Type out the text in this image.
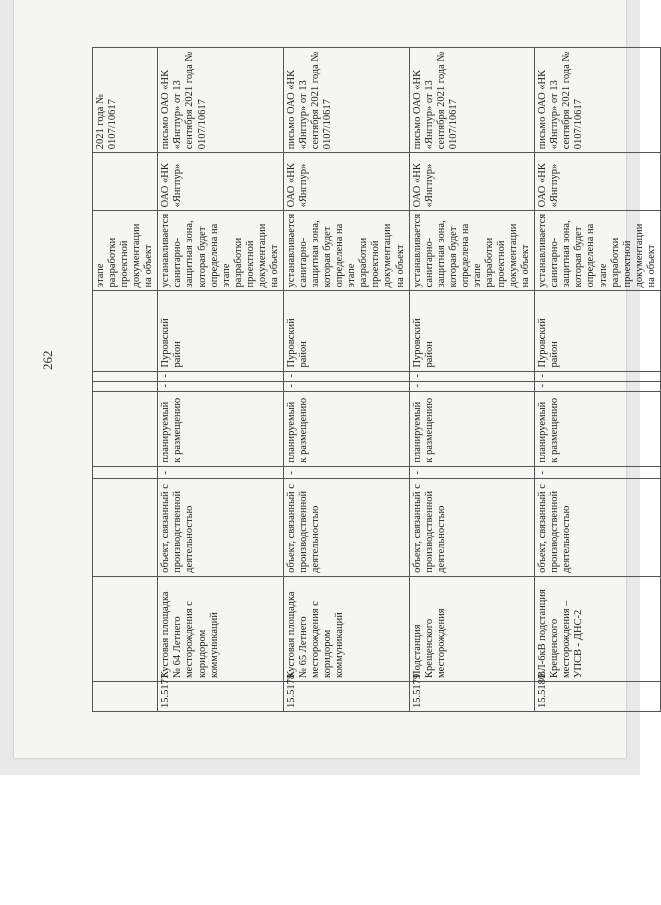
262
								этапе разработки проектной документации на объект		2021 года № 0107/10617
15.5177	Кустовая площадка № 64 Летнего месторождения с коридором коммуникаций	объект, связанный с производственной деятельностью	-	планируемый к размещению	-	-	Пуровский район	устанавливается санитарно-защитная зона, которая будет определена на этапе разработки проектной документации на объект	ОАО «НК «Янгпур»	письмо ОАО «НК «Янгпур» от 13 сентября 2021 года № 0107/10617
15.5178	Кустовая площадка № 65 Летнего месторождения с коридором коммуникаций	объект, связанный с производственной деятельностью	-	планируемый к размещению	-	-	Пуровский район	устанавливается санитарно-защитная зона, которая будет определена на этапе разработки проектной документации на объект	ОАО «НК «Янгпур»	письмо ОАО «НК «Янгпур» от 13 сентября 2021 года № 0107/10617
15.5179	Подстанция Крещенского месторождения	объект, связанный с производственной деятельностью	-	планируемый к размещению	-	-	Пуровский район	устанавливается санитарно-защитная зона, которая будет определена на этапе разработки проектной документации на объект	ОАО «НК «Янгпур»	письмо ОАО «НК «Янгпур» от 13 сентября 2021 года № 0107/10617
15.5180	ВЛ-6кВ подстанция Крещенского месторождения – УПСВ - ДНС-2	объект, связанный с производственной деятельностью	-	планируемый к размещению	-	-	Пуровский район	устанавливается санитарно-защитная зона, которая будет определена на этапе разработки проектной документации на объект	ОАО «НК «Янгпур»	письмо ОАО «НК «Янгпур» от 13 сентября 2021 года № 0107/10617
